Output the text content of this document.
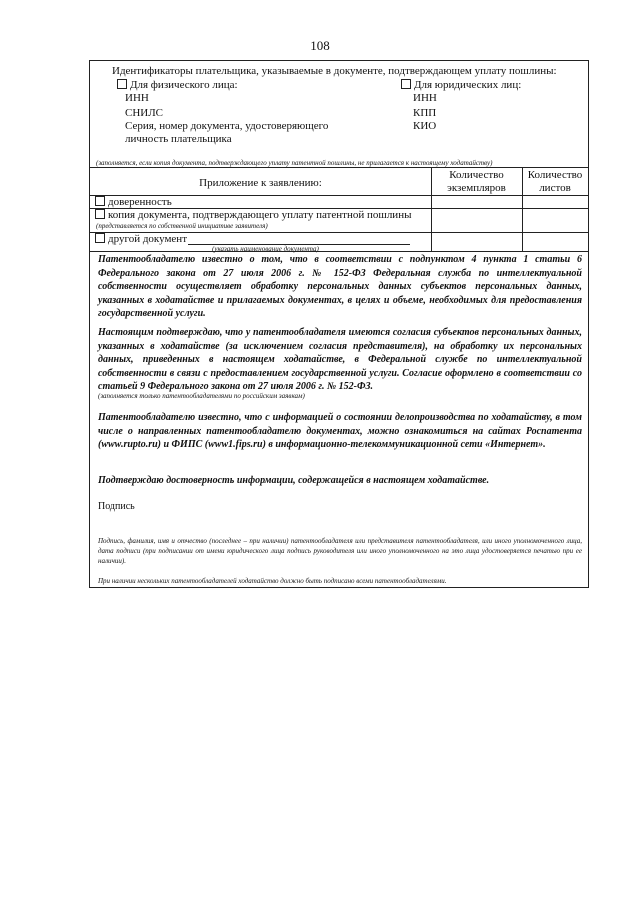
108
Идентификаторы плательщика, указываемые в документе, подтверждающем уплату пошлины:
Для физического лица:
ИНН
СНИЛС
Серия, номер документа, удостоверяющего
личность плательщика
Для юридических лиц:
ИНН
КПП
КИО
(заполняется, если копия документа, подтверждающего уплату патентной пошлины, не прилагается к настоящему ходатайству)
Приложение к заявлению:
Количество
экземпляров
Количество
листов
доверенность
копия документа, подтверждающего уплату патентной пошлины
(представляется по собственной инициативе заявителя)
другой документ
(указать наименование документа)
Патентообладателю известно о том, что в соответствии с подпунктом 4 пункта 1 статьи 6 Федерального закона от 27 июля 2006 г. № 152-ФЗ Федеральная служба по интеллектуальной собственности осуществляет обработку персональных данных субъектов персональных данных, указанных в ходатайстве и прилагаемых документах, в целях и объеме, необходимых для предоставления государственной услуги.
Настоящим подтверждаю, что у патентообладателя имеются согласия субъектов персональных данных, указанных в ходатайстве (за исключением согласия представителя), на обработку их персональных данных, приведенных в настоящем ходатайстве, в Федеральной службе по интеллектуальной собственности в связи с предоставлением государственной услуги. Согласие оформлено в соответствии со статьей 9 Федерального закона от 27 июля 2006 г. № 152-ФЗ.
(заполняется только патентообладателями по российским заявкам)
Патентообладателю известно, что с информацией о состоянии делопроизводства по ходатайству, в том числе о направленных патентообладателю документах, можно ознакомиться на сайтах Роспатента (www.rupto.ru) и ФИПС (www1.fips.ru) в информационно-телекоммуникационной сети «Интернет».
Подтверждаю достоверность информации, содержащейся в настоящем ходатайстве.
Подпись
Подпись, фамилия, имя и отчество (последнее – при наличии) патентообладателя или представителя патентообладателя, или иного уполномоченного лица, дата подписи (при подписании от имени юридического лица подпись руководителя или иного уполномоченного на это лица удостоверяется печатью при ее наличии).
При наличии нескольких патентообладателей ходатайство должно быть подписано всеми патентообладателями.
